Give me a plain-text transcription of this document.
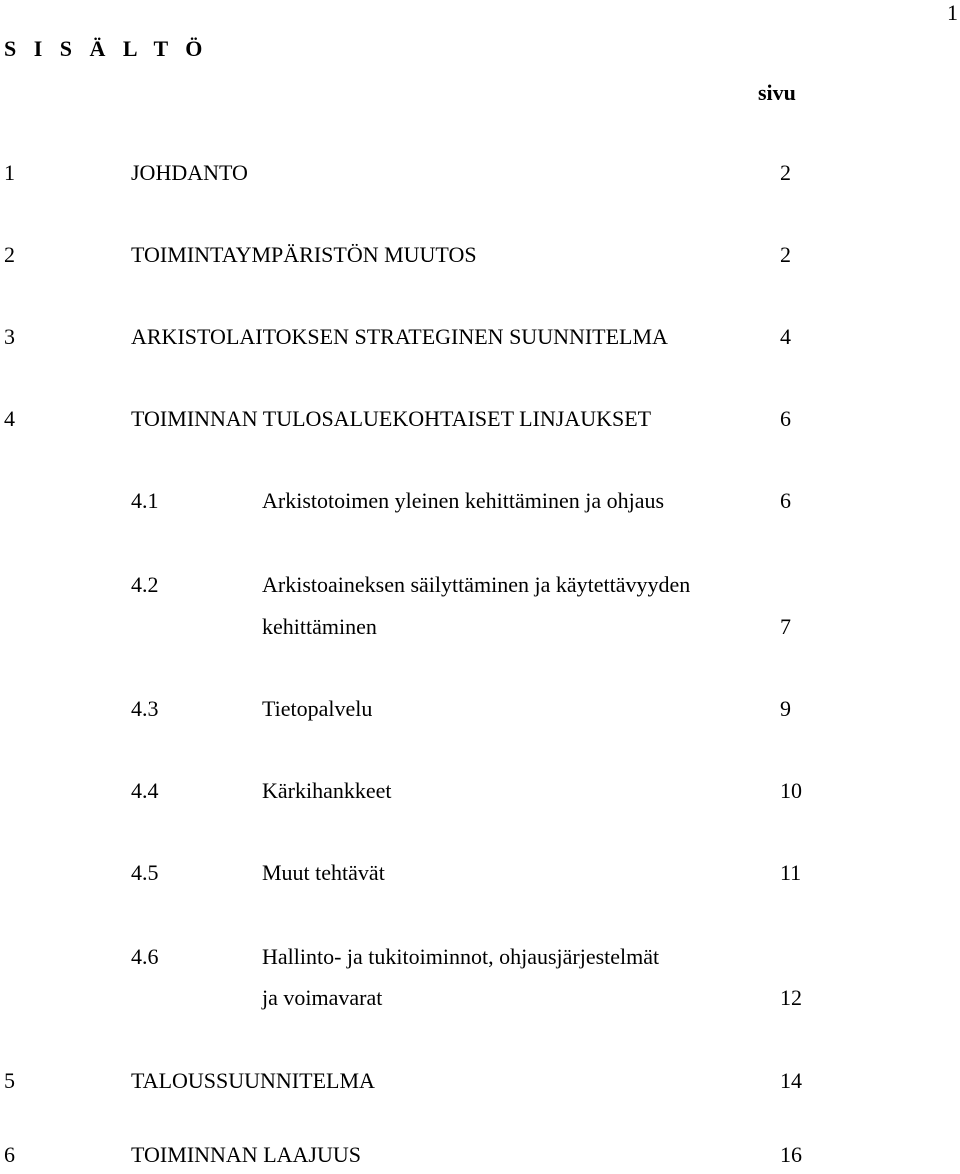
1
S I S Ä L T Ö
sivu
1	JOHDANTO	2
2	TOIMINTAYMPÄRISTÖN MUUTOS	2
3	ARKISTOLAITOKSEN STRATEGINEN SUUNNITELMA	4
4	TOIMINNAN TULOSALUEKOHTAISET LINJAUKSET	6
4.1	Arkistotoimen yleinen kehittäminen ja ohjaus	6
4.2	Arkistoaineksen säilyttäminen ja käytettävyyden
kehittäminen	7
4.3	Tietopalvelu	9
4.4	Kärkihankkeet	10
4.5	Muut tehtävät	11
4.6	Hallinto- ja tukitoiminnot, ohjausjärjestelmät
ja voimavarat	12
5	TALOUSSUUNNITELMA	14
6	TOIMINNAN LAAJUUS	16
